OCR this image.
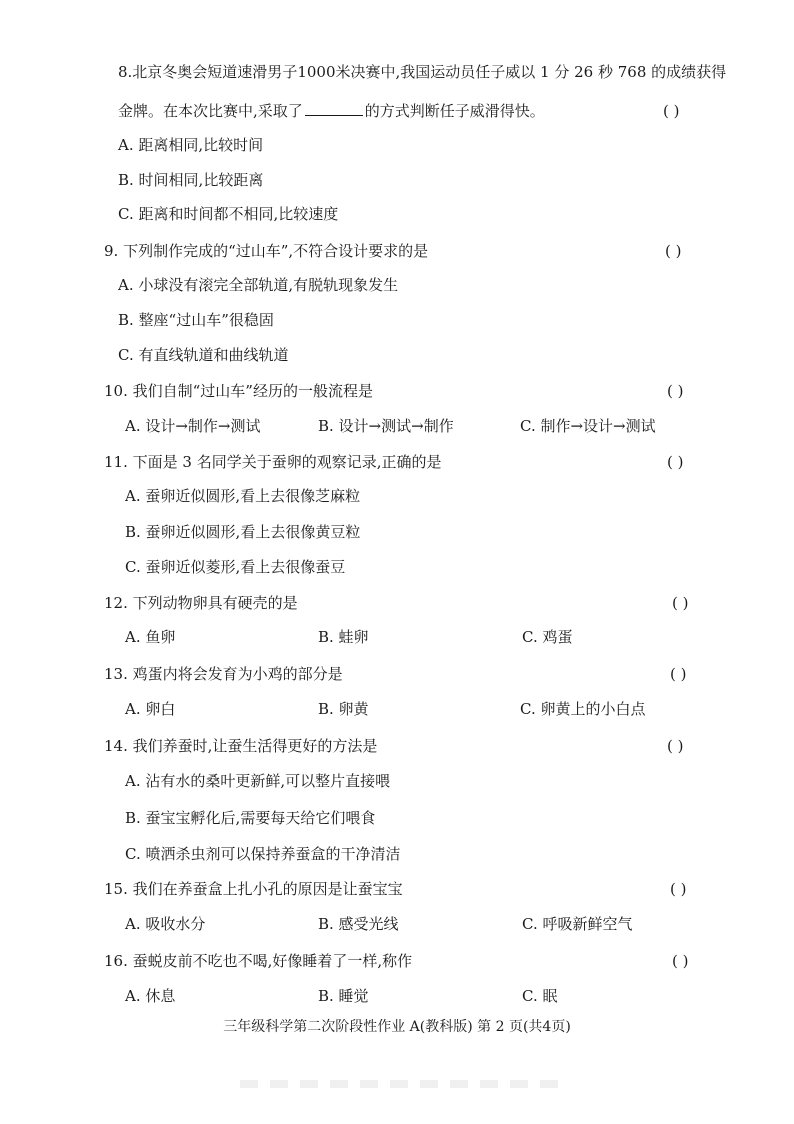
8.北京冬奥会短道速滑男子1000米决赛中,我国运动员任子威以 1 分 26 秒 768 的成绩获得
金牌。在本次比赛中,采取了	的方式判断任子威滑得快。	( )
A. 距离相同,比较时间
B. 时间相同,比较距离
C. 距离和时间都不相同,比较速度
9. 下列制作完成的“过山车”,不符合设计要求的是	( )
A. 小球没有滚完全部轨道,有脱轨现象发生
B. 整座“过山车”很稳固
C. 有直线轨道和曲线轨道
10. 我们自制“过山车”经历的一般流程是	( )
A. 设计→制作→测试	B. 设计→测试→制作	C. 制作→设计→测试
11. 下面是 3 名同学关于蚕卵的观察记录,正确的是	( )
A. 蚕卵近似圆形,看上去很像芝麻粒
B. 蚕卵近似圆形,看上去很像黄豆粒
C. 蚕卵近似菱形,看上去很像蚕豆
12. 下列动物卵具有硬壳的是	( )
A. 鱼卵	B. 蛙卵	C. 鸡蛋
13. 鸡蛋内将会发育为小鸡的部分是	( )
A. 卵白	B. 卵黄	C. 卵黄上的小白点
14. 我们养蚕时,让蚕生活得更好的方法是	( )
A. 沾有水的桑叶更新鲜,可以整片直接喂
B. 蚕宝宝孵化后,需要每天给它们喂食
C. 喷洒杀虫剂可以保持养蚕盒的干净清洁
15. 我们在养蚕盒上扎小孔的原因是让蚕宝宝	( )
A. 吸收水分	B. 感受光线	C. 呼吸新鲜空气
16. 蚕蜕皮前不吃也不喝,好像睡着了一样,称作	( )
A. 休息	B. 睡觉	C. 眠
三年级科学第二次阶段性作业 A(教科版) 第 2 页(共4页)
